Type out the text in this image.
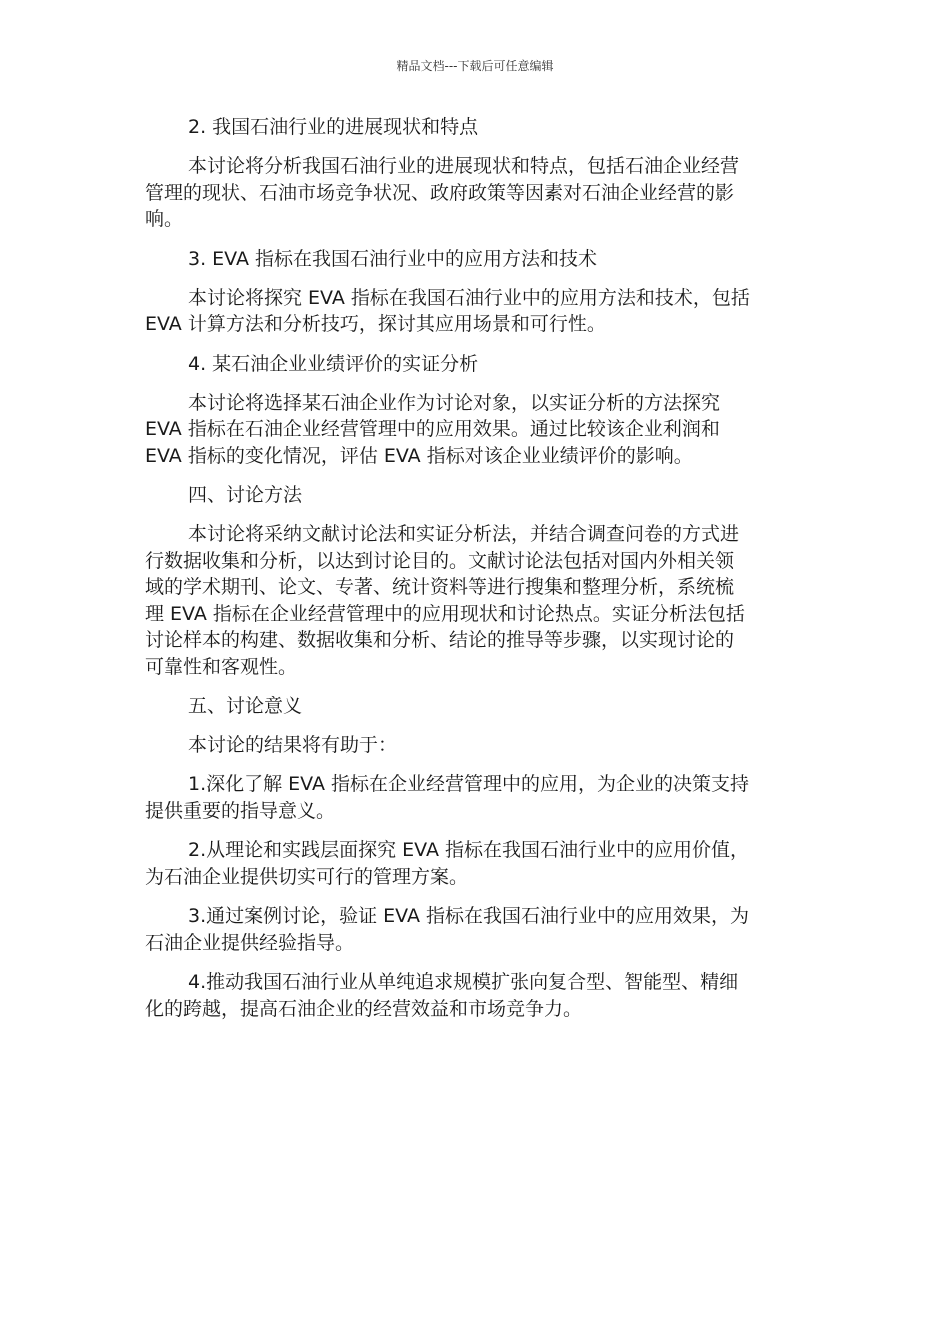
精品文档---下载后可任意编辑

2. 我国石油行业的进展现状和特点

本讨论将分析我国石油行业的进展现状和特点，包括石油企业经营
管理的现状、石油市场竞争状况、政府政策等因素对石油企业经营的影
响。

3. EVA 指标在我国石油行业中的应用方法和技术

本讨论将探究 EVA 指标在我国石油行业中的应用方法和技术，包括
EVA 计算方法和分析技巧，探讨其应用场景和可行性。

4. 某石油企业业绩评价的实证分析

本讨论将选择某石油企业作为讨论对象，以实证分析的方法探究
EVA 指标在石油企业经营管理中的应用效果。通过比较该企业利润和
EVA 指标的变化情况，评估 EVA 指标对该企业业绩评价的影响。

四、讨论方法

本讨论将采纳文献讨论法和实证分析法，并结合调查问卷的方式进
行数据收集和分析，以达到讨论目的。文献讨论法包括对国内外相关领
域的学术期刊、论文、专著、统计资料等进行搜集和整理分析，系统梳
理 EVA 指标在企业经营管理中的应用现状和讨论热点。实证分析法包括
讨论样本的构建、数据收集和分析、结论的推导等步骤，以实现讨论的
可靠性和客观性。

五、讨论意义

本讨论的结果将有助于：

1.深化了解 EVA 指标在企业经营管理中的应用，为企业的决策支持
提供重要的指导意义。

2.从理论和实践层面探究 EVA 指标在我国石油行业中的应用价值，
为石油企业提供切实可行的管理方案。

3.通过案例讨论，验证 EVA 指标在我国石油行业中的应用效果，为
石油企业提供经验指导。

4.推动我国石油行业从单纯追求规模扩张向复合型、智能型、精细
化的跨越，提高石油企业的经营效益和市场竞争力。
